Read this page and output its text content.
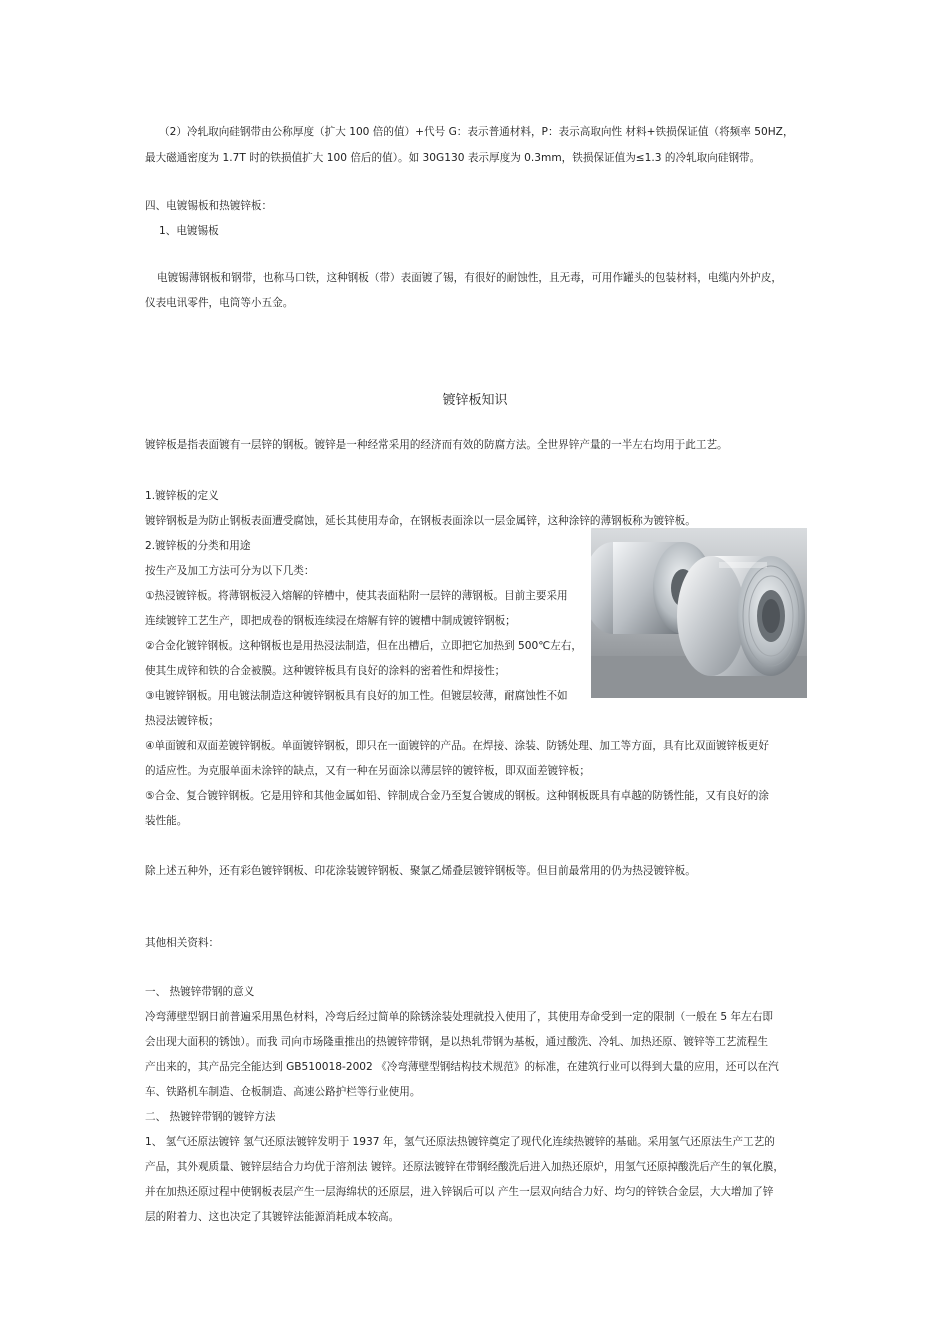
（2）冷轧取向硅钢带由公称厚度（扩大 100 倍的值）+代号 G：表示普通材料，P：表示高取向性 材料+铁损保证值（将频率 50HZ，
最大磁通密度为 1.7T 时的铁损值扩大 100 倍后的值）。如 30G130 表示厚度为 0.3mm，铁损保证值为≤1.3 的冷轧取向硅钢带。
四、电镀锡板和热镀锌板：
1、电镀锡板
电镀锡薄钢板和钢带，也称马口铁，这种钢板（带）表面镀了锡，有很好的耐蚀性，且无毒，可用作罐头的包装材料，电缆内外护皮，
仪表电讯零件，电筒等小五金。
镀锌板知识
镀锌板是指表面镀有一层锌的钢板。镀锌是一种经常采用的经济而有效的防腐方法。全世界锌产量的一半左右均用于此工艺。
1.镀锌板的定义
镀锌钢板是为防止钢板表面遭受腐蚀，延长其使用寿命，在钢板表面涂以一层金属锌，这种涂锌的薄钢板称为镀锌板。
2.镀锌板的分类和用途
按生产及加工方法可分为以下几类：
①热浸镀锌板。将薄钢板浸入熔解的锌槽中，使其表面粘附一层锌的薄钢板。目前主要采用
连续镀锌工艺生产，即把成卷的钢板连续浸在熔解有锌的镀槽中制成镀锌钢板；
②合金化镀锌钢板。这种钢板也是用热浸法制造，但在出槽后，立即把它加热到 500℃左右，
使其生成锌和铁的合金被膜。这种镀锌板具有良好的涂料的密着性和焊接性；
③电镀锌钢板。用电镀法制造这种镀锌钢板具有良好的加工性。但镀层较薄，耐腐蚀性不如
热浸法镀锌板；
④单面镀和双面差镀锌钢板。单面镀锌钢板，即只在一面镀锌的产品。在焊接、涂装、防锈处理、加工等方面，具有比双面镀锌板更好
的适应性。为克服单面未涂锌的缺点，又有一种在另面涂以薄层锌的镀锌板，即双面差镀锌板；
⑤合金、复合镀锌钢板。它是用锌和其他金属如铅、锌制成合金乃至复合镀成的钢板。这种钢板既具有卓越的防锈性能，又有良好的涂
装性能。
除上述五种外，还有彩色镀锌钢板、印花涂装镀锌钢板、聚氯乙烯叠层镀锌钢板等。但目前最常用的仍为热浸镀锌板。
其他相关资料：
一、 热镀锌带钢的意义
冷弯薄壁型钢日前普遍采用黑色材料，冷弯后经过简单的除锈涂装处理就投入使用了，其使用寿命受到一定的限制（一般在 5 年左右即
会出现大面积的锈蚀）。而我 司向市场隆重推出的热镀锌带钢，是以热轧带钢为基板，通过酸洗、冷轧、加热还原、镀锌等工艺流程生
产出来的，其产品完全能达到 GB510018-2002 《冷弯薄壁型钢结构技术规范》的标准，在建筑行业可以得到大量的应用，还可以在汽
车、铁路机车制造、仓板制造、高速公路护栏等行业使用。
二、 热镀锌带钢的镀锌方法
1、 氢气还原法镀锌 氢气还原法镀锌发明于 1937 年，氢气还原法热镀锌奠定了现代化连续热镀锌的基础。采用氢气还原法生产工艺的
产品，其外观质量、镀锌层结合力均优于溶剂法 镀锌。还原法镀锌在带钢经酸洗后进入加热还原炉，用氢气还原掉酸洗后产生的氧化膜，
并在加热还原过程中使钢板表层产生一层海绵状的还原层，进入锌锅后可以 产生一层双向结合力好、均匀的锌铁合金层，大大增加了锌
层的附着力、这也决定了其镀锌法能源消耗成本较高。
